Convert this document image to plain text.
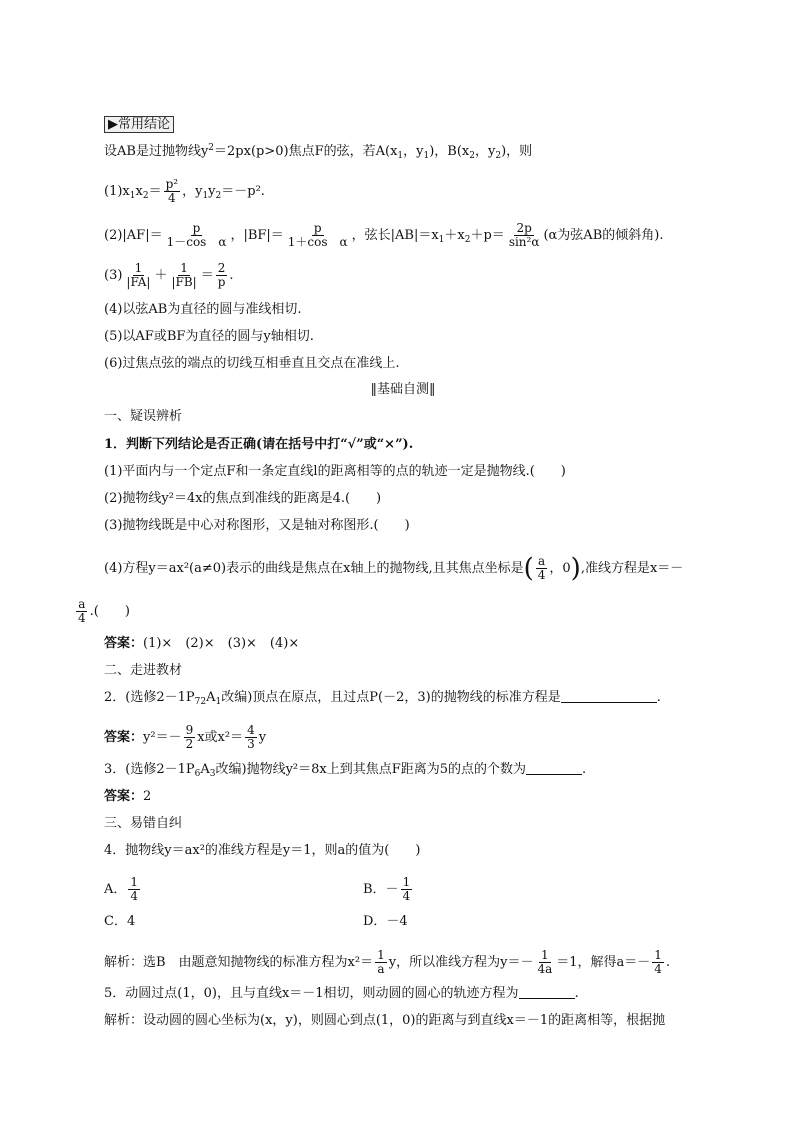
▶常用结论
设AB是过抛物线$y^2=2px(p>0)$焦点F的弦，若$A(x_1$，$y_1$)，$B(x_2$，$y_2$)，则
$(1)x_1x_2= \frac{\text{p²}}{4}$ ，$y_1y_2=-p^2$.
$(2)|AF|= \frac{p}{\text{1－cos　α}}$ ，$|BF|= \frac{p}{\text{1＋cos　α}}$ ，弦长$|AB|=x_1+x_2+p= \frac{2p}{\text{sin²α}} (\alpha$为弦AB的倾斜角).
$(3) \frac{1}{|FA|} + \frac{1}{|FB|} = \frac{2}{p}$ .
(4)以弦AB为直径的圆与准线相切.
(5)以AF或BF为直径的圆与y轴相切.
(6)过焦点弦的端点的切线互相垂直且交点在准线上.
‖基础自测‖
一、疑误辨析
1．判断下列结论是否正确(请在括号中打“√”或“×”).
(1)平面内与一个定点F和一条定直线l的距离相等的点的轨迹一定是抛物线.(　　)
(2)抛物线y²＝4x的焦点到准线的距离是4.(　　)
(3)抛物线既是中心对称图形，又是轴对称图形.(　　)
(4)方程y＝ax²(a≠0)表示的曲线是焦点在x轴上的抛物线,且其焦点坐标是( $\frac{a}{4}$ ，0),准线方程是x＝－
$\frac{a}{4}$ .(　　)
答案：(1)×　(2)×　(3)×　(4)×
二、走进教材
2．(选修$2-1P_{72}A_1$改编)顶点在原点，且过点P(－2，3)的抛物线的标准方程是	.
答案：$y^2=- \frac{9}{2}$ x或$x^2= \frac{4}{3}$ y
3．(选修$2-1P_6A_3$改编)抛物线y²＝8x上到其焦点F距离为5的点的个数为	.
答案：2
三、易错自纠
4．抛物线y＝ax²的准线方程是y＝1，则a的值为(　　)
A． $\frac{1}{4}$	B．－ $\frac{1}{4}$
C．4	D．－4
解析：选B　由题意知抛物线的标准方程为$x^2= \frac{1}{a}$ y，所以准线方程为$y=- \frac{1}{4a} =1$，解得$a=- \frac{1}{4}$ .
5．动圆过点(1，0)，且与直线x＝－1相切，则动圆的圆心的轨迹方程为	.
解析：设动圆的圆心坐标为(x，y)，则圆心到点(1，0)的距离与到直线x＝－1的距离相等，根据抛
